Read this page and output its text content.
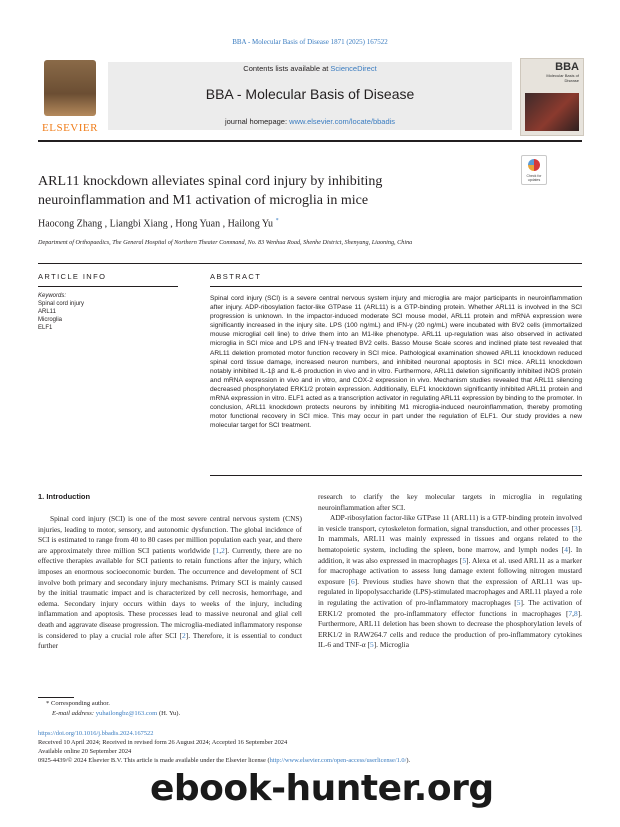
BBA - Molecular Basis of Disease 1871 (2025) 167522
ELSEVIER
Contents lists available at ScienceDirect
BBA - Molecular Basis of Disease
journal homepage: www.elsevier.com/locate/bbadis
BBA
Molecular Basis of Disease
ARL11 knockdown alleviates spinal cord injury by inhibiting
neuroinflammation and M1 activation of microglia in mice
Check for updates
Haocong Zhang , Liangbi Xiang , Hong Yuan , Hailong Yu *
Department of Orthopaedics, The General Hospital of Northern Theater Command, No. 83 Wenhua Road, Shenhe District, Shenyang, Liaoning, China
ARTICLE INFO	ABSTRACT
Keywords:
Spinal cord injury
ARL11
Microglia
ELF1
Spinal cord injury (SCI) is a severe central nervous system injury and microglia are major participants in neuroinflammation after injury. ADP-ribosylation factor-like GTPase 11 (ARL11) is a GTP-binding protein. Whether ARL11 is involved in the SCI progression is unknown. In the impactor-induced moderate SCI mouse model, ARL11 protein and mRNA expression were significantly increased in the injury site. LPS (100 ng/mL) and IFN-γ (20 ng/mL) were incubated with BV2 cells (immortalized mouse microglial cell line) to drive them into an M1-like phenotype. ARL11 up-regulation was also observed in activated microglia in SCI mice and LPS and IFN-γ treated BV2 cells. Basso Mouse Scale scores and inclined plate test revealed that ARL11 deletion promoted motor function recovery in SCI mice. Pathological examination showed ARL11 knockdown reduced spinal cord tissue damage, increased neuron numbers, and inhibited neuronal apoptosis in SCI mice. ARL11 knockdown notably inhibited IL-1β and IL-6 production in vivo and in vitro. Furthermore, ARL11 deletion significantly inhibited iNOS protein and mRNA expression in vivo and in vitro, and COX-2 expression in vivo. Mechanism studies revealed that ARL11 silencing decreased phosphorylated ERK1/2 protein expression. Additionally, ELF1 knockdown significantly inhibited ARL11 protein and mRNA expression in vitro. ELF1 acted as a transcription activator in regulating ARL11 expression by binding to the promoter. In conclusion, ARL11 knockdown protects neurons by inhibiting M1 microglia-induced neuroinflammation, thereby promoting motor functional recovery in SCI mice. This may occur in part under the regulation of ELF1. Our study provides a new molecular target for SCI treatment.
1. Introduction

Spinal cord injury (SCI) is one of the most severe central nervous system (CNS) injuries, leading to motor, sensory, and autonomic dysfunction. The global incidence of SCI is estimated to range from 40 to 80 cases per million population each year, and there are approximately three million SCI patients worldwide [1,2]. Currently, there are no effective therapies available for SCI patients to retain functions after the injury, which imposes an enormous socioeconomic burden. The occurrence and development of SCI involve both primary and secondary injury mechanisms. Primary SCI is mainly caused by the initial traumatic impact and is characterized by cell necrosis, hemorrhage, and edema. Secondary injury occurs within days to weeks of the injury, including inflammation and apoptosis. These processes lead to massive neuronal and glial cell death and aggravate disease progression. The microglia-mediated inflammatory response is considered to play a crucial role after SCI [2]. Therefore, it is essential to conduct further

research to clarify the key molecular targets in microglia in regulating neuroinflammation after SCI.

ADP-ribosylation factor-like GTPase 11 (ARL11) is a GTP-binding protein involved in vesicle transport, cytoskeleton formation, signal transduction, and other processes [3]. In mammals, ARL11 was mainly expressed in tissues and organs related to the hematopoietic system, including the spleen, bone marrow, and lymph nodes [4]. In addition, it was also expressed in macrophages [5]. Alexa et al. used ARL11 as a marker for macrophage activation to assess lung damage extent following nitrogen mustard exposure [6]. Previous studies have shown that the expression of ARL11 was up-regulated in lipopolysaccharide (LPS)-stimulated macrophages and ARL11 played a role in regulating the activation of pro-inflammatory macrophages [5]. The activation of ERK1/2 promoted the pro-inflammatory effector functions in macrophages [7,8]. Furthermore, ARL11 deletion has been shown to decrease the phosphorylation levels of ERK1/2 in RAW264.7 cells and reduce the production of pro-inflammatory cytokines IL-6 and TNF-α [5]. Microglia

* Corresponding author.
E-mail address: yuhailongbz@163.com (H. Yu).
https://doi.org/10.1016/j.bbadis.2024.167522
Received 10 April 2024; Received in revised form 26 August 2024; Accepted 16 September 2024
Available online 20 September 2024
0925-4439/© 2024 Elsevier B.V. This article is made available under the Elsevier license (http://www.elsevier.com/open-access/userlicense/1.0/).
ebook-hunter.org
